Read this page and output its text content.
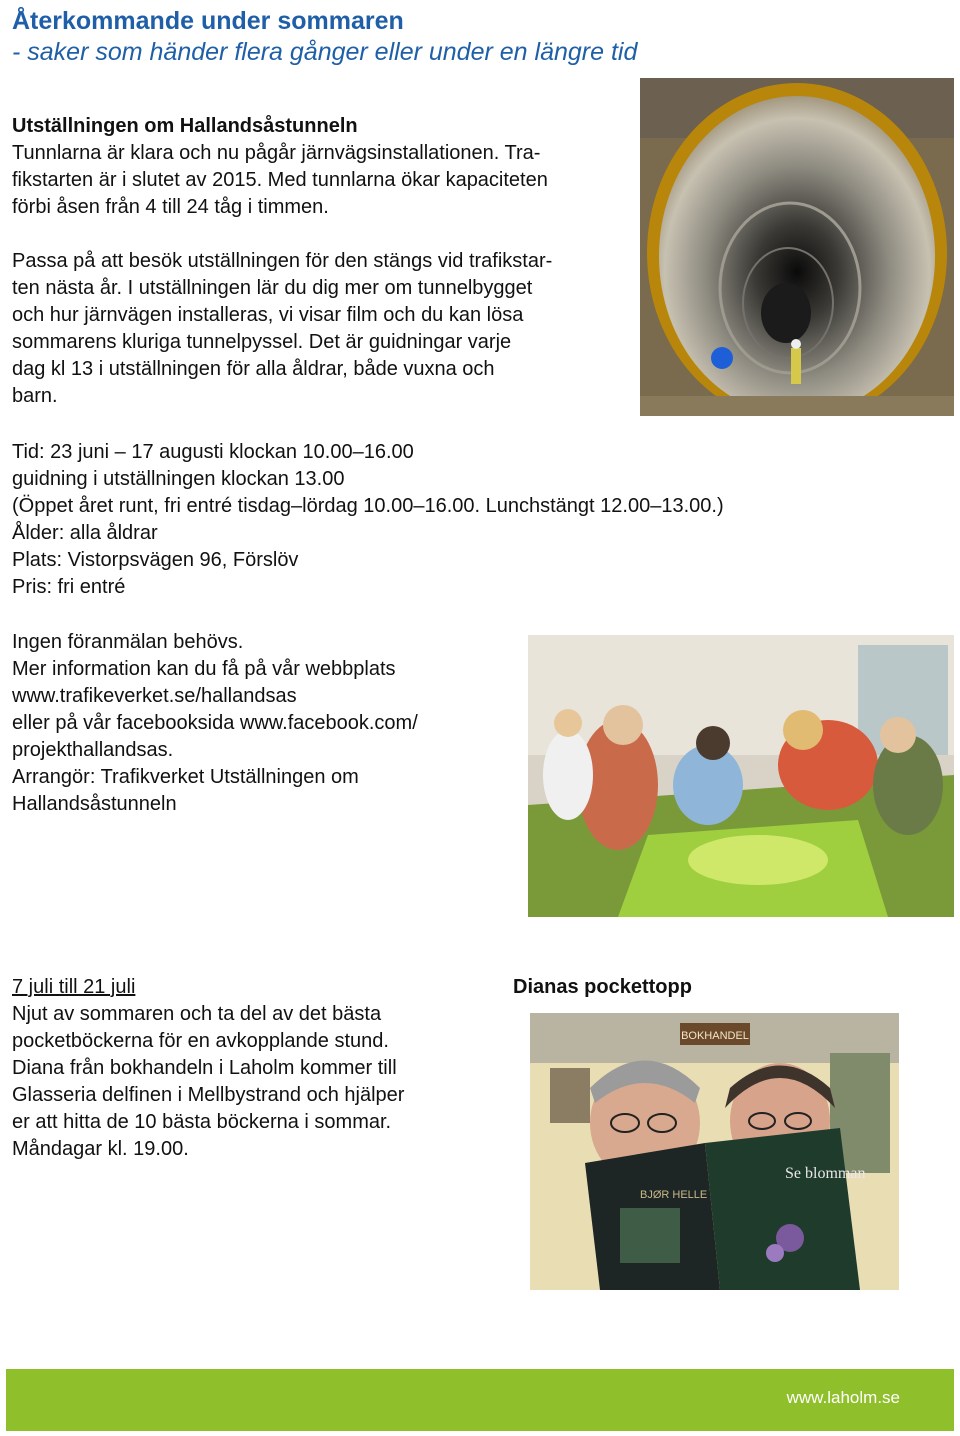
Återkommande under sommaren
- saker som händer flera gånger eller under en längre tid
Utställningen om Hallandsåstunneln
Tunnlarna är klara och nu pågår järnvägsinstallationen. Tra-
fikstarten är i slutet av 2015. Med tunnlarna ökar kapaciteten
förbi åsen från 4 till 24 tåg i timmen.
Passa på att besök utställningen för den stängs vid trafikstar-
ten nästa år. I utställningen lär du dig mer om tunnelbygget
och hur järnvägen installeras, vi visar film och du kan lösa
sommarens kluriga tunnelpyssel. Det är guidningar varje
dag kl 13 i utställningen för alla åldrar, både vuxna och
barn.
Tid: 23 juni – 17 augusti klockan 10.00–16.00
guidning i utställningen klockan 13.00
(Öppet året runt, fri entré tisdag–lördag 10.00–16.00. Lunchstängt 12.00–13.00.)
Ålder: alla åldrar
Plats: Vistorpsvägen 96, Förslöv
Pris: fri entré
Ingen föranmälan behövs.
Mer information kan du få på vår webbplats
www.trafikeverket.se/hallandsas
eller på vår facebooksida www.facebook.com/
projekthallandsas.
Arrangör: Trafikverket Utställningen om
Hallandsåstunneln
7 juli till 21 juli
Njut av sommaren och ta del av det bästa
pocketböckerna för en avkopplande stund.
Diana från bokhandeln i Laholm kommer till
Glasseria delfinen i Mellbystrand och hjälper
er att hitta de 10 bästa böckerna i sommar.
Måndagar kl. 19.00.
Dianas pockettopp
BOKHANDEL
BJØR HELLE
Se blomman
www.laholm.se
